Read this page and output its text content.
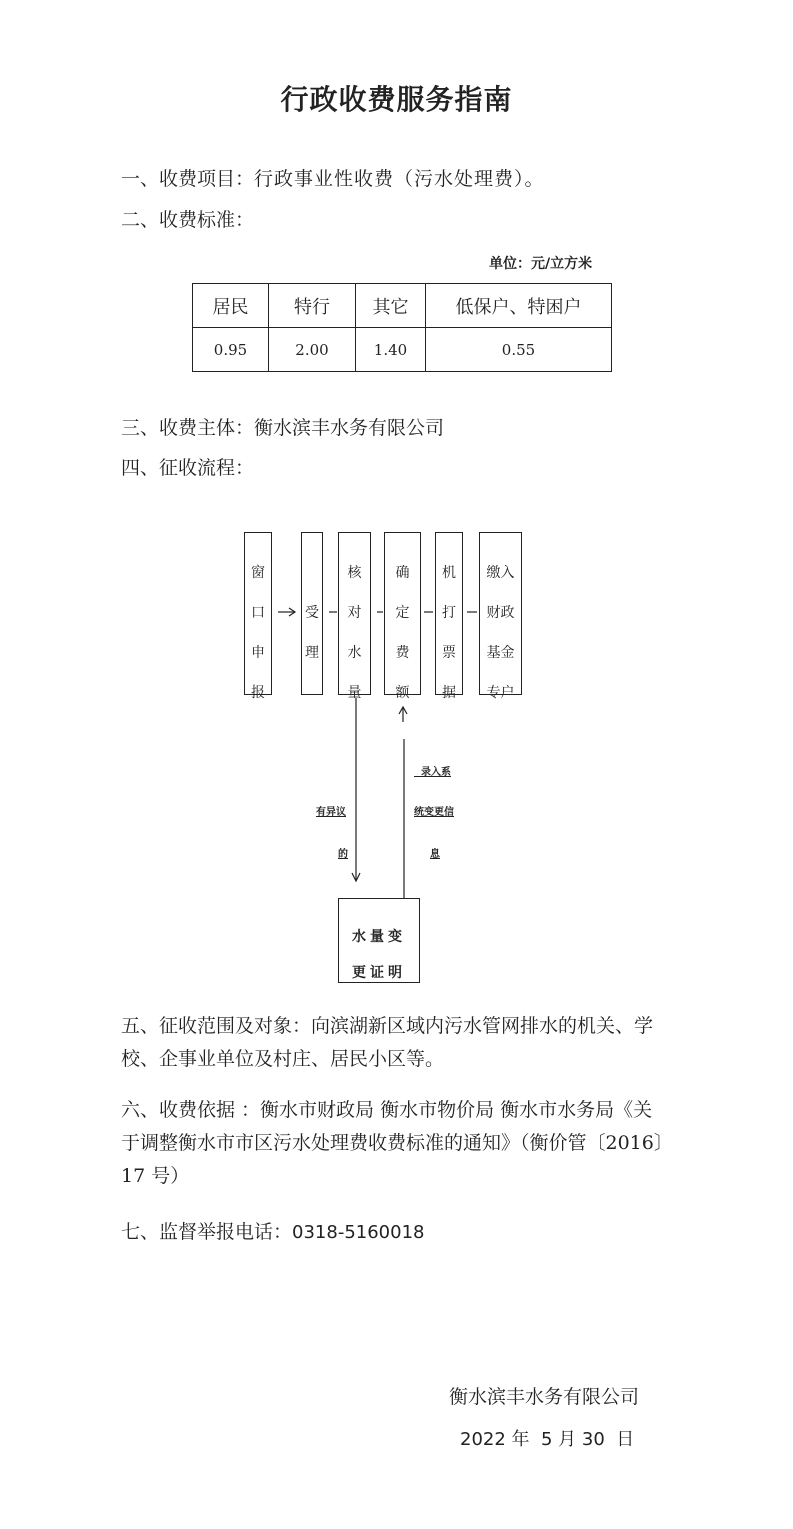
行政收费服务指南
一、收费项目：行政事业性收费（污水处理费）。
二、收费标准：
单位：元/立方米
居民	特行	其它	低保户、特困户
0.95	2.00	1.40	0.55
三、收费主体：衡水滨丰水务有限公司
四、征收流程：
窗
口
申
报
受
理
核
对
水
量
确
定
费
额
机
打
票
据
缴入
财政
基金
专户
有异议
的
录入系
统变更信
息
水量变
更证明
五、征收范围及对象：向滨湖新区域内污水管网排水的机关、学
校、企事业单位及村庄、居民小区等。
六、收费依据 ：衡水市财政局 衡水市物价局 衡水市水务局《关
于调整衡水市市区污水处理费收费标准的通知》（衡价管〔2016〕
17 号）
七、监督举报电话：0318-5160018
衡水滨丰水务有限公司
2022 年  5 月 30  日
